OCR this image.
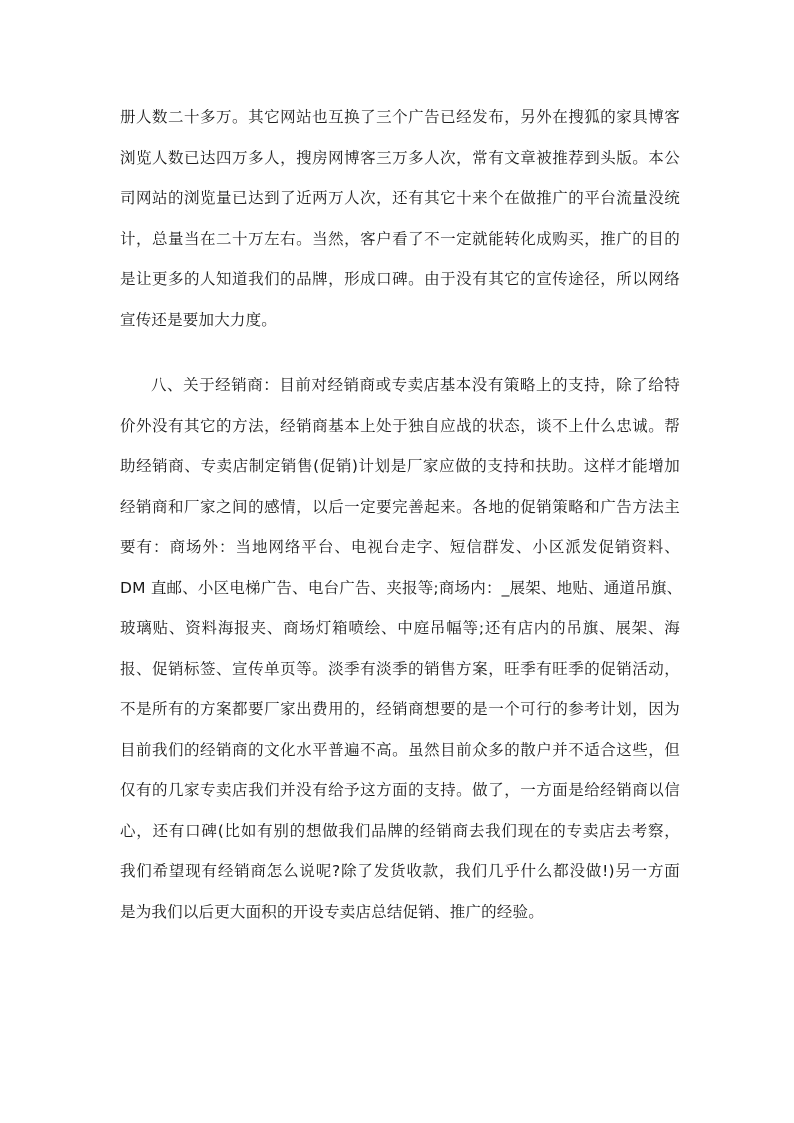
册人数二十多万。其它网站也互换了三个广告已经发布，另外在搜狐的家具博客
浏览人数已达四万多人，搜房网博客三万多人次，常有文章被推荐到头版。本公
司网站的浏览量已达到了近两万人次，还有其它十来个在做推广的平台流量没统
计，总量当在二十万左右。当然，客户看了不一定就能转化成购买，推广的目的
是让更多的人知道我们的品牌，形成口碑。由于没有其它的宣传途径，所以网络
宣传还是要加大力度。
八、关于经销商：目前对经销商或专卖店基本没有策略上的支持，除了给特
价外没有其它的方法，经销商基本上处于独自应战的状态，谈不上什么忠诚。帮
助经销商、专卖店制定销售(促销)计划是厂家应做的支持和扶助。这样才能增加
经销商和厂家之间的感情，以后一定要完善起来。各地的促销策略和广告方法主
要有：商场外：当地网络平台、电视台走字、短信群发、小区派发促销资料、
DM 直邮、小区电梯广告、电台广告、夹报等;商场内：_展架、地贴、通道吊旗、
玻璃贴、资料海报夹、商场灯箱喷绘、中庭吊幅等;还有店内的吊旗、展架、海
报、促销标签、宣传单页等。淡季有淡季的销售方案，旺季有旺季的促销活动，
不是所有的方案都要厂家出费用的，经销商想要的是一个可行的参考计划，因为
目前我们的经销商的文化水平普遍不高。虽然目前众多的散户并不适合这些，但
仅有的几家专卖店我们并没有给予这方面的支持。做了，一方面是给经销商以信
心，还有口碑(比如有别的想做我们品牌的经销商去我们现在的专卖店去考察，
我们希望现有经销商怎么说呢?除了发货收款，我们几乎什么都没做!)另一方面
是为我们以后更大面积的开设专卖店总结促销、推广的经验。
